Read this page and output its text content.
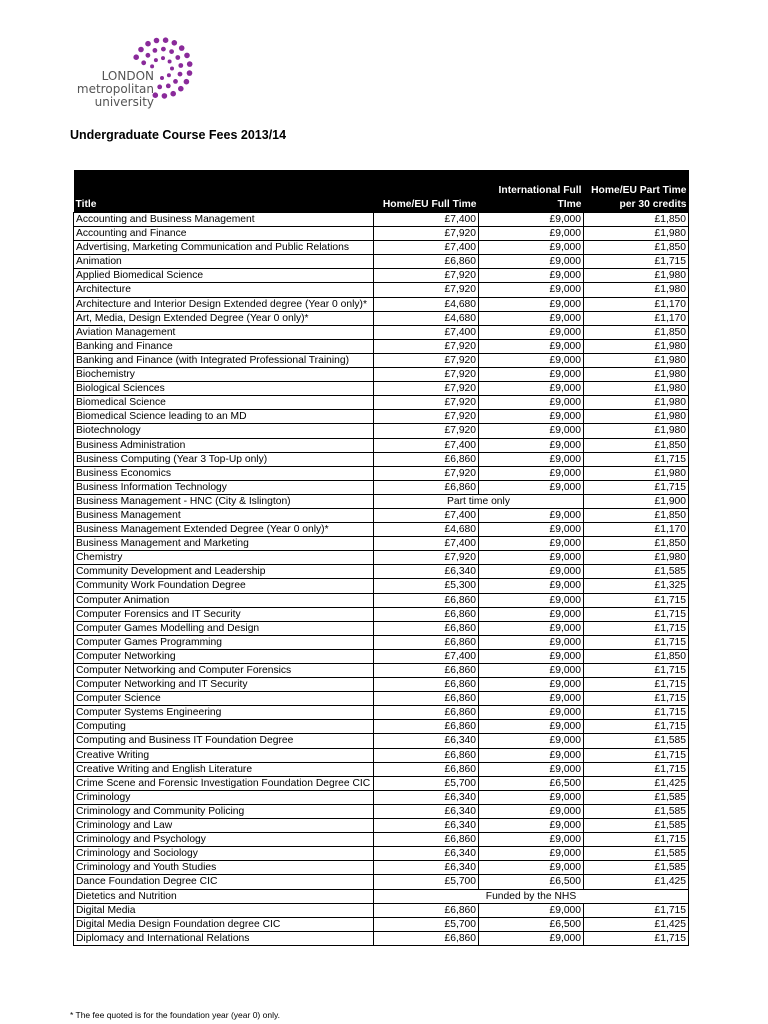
LONDON
metropolitan
university
Undergraduate Course Fees 2013/14
Title	Home/EU Full Time	International Full TIme	Home/EU Part Time per 30 credits
Accounting and Business Management	£7,400	£9,000	£1,850
Accounting and Finance	£7,920	£9,000	£1,980
Advertising, Marketing Communication and Public Relations	£7,400	£9,000	£1,850
Animation	£6,860	£9,000	£1,715
Applied Biomedical Science	£7,920	£9,000	£1,980
Architecture	£7,920	£9,000	£1,980
Architecture and Interior Design Extended degree (Year 0 only)*	£4,680	£9,000	£1,170
Art, Media, Design Extended Degree (Year 0 only)*	£4,680	£9,000	£1,170
Aviation Management	£7,400	£9,000	£1,850
Banking and Finance	£7,920	£9,000	£1,980
Banking and Finance (with Integrated Professional Training)	£7,920	£9,000	£1,980
Biochemistry	£7,920	£9,000	£1,980
Biological Sciences	£7,920	£9,000	£1,980
Biomedical Science	£7,920	£9,000	£1,980
Biomedical Science leading to an MD	£7,920	£9,000	£1,980
Biotechnology	£7,920	£9,000	£1,980
Business Administration	£7,400	£9,000	£1,850
Business Computing (Year 3 Top-Up only)	£6,860	£9,000	£1,715
Business Economics	£7,920	£9,000	£1,980
Business Information Technology	£6,860	£9,000	£1,715
Business Management - HNC (City & Islington)	Part time only		£1,900
Business Management	£7,400	£9,000	£1,850
Business Management Extended Degree (Year 0 only)*	£4,680	£9,000	£1,170
Business Management and Marketing	£7,400	£9,000	£1,850
Chemistry	£7,920	£9,000	£1,980
Community Development and Leadership	£6,340	£9,000	£1,585
Community Work Foundation Degree	£5,300	£9,000	£1,325
Computer Animation	£6,860	£9,000	£1,715
Computer Forensics and IT Security	£6,860	£9,000	£1,715
Computer Games Modelling and Design	£6,860	£9,000	£1,715
Computer Games Programming	£6,860	£9,000	£1,715
Computer Networking	£7,400	£9,000	£1,850
Computer Networking and Computer Forensics	£6,860	£9,000	£1,715
Computer Networking and IT Security	£6,860	£9,000	£1,715
Computer Science	£6,860	£9,000	£1,715
Computer Systems Engineering	£6,860	£9,000	£1,715
Computing	£6,860	£9,000	£1,715
Computing and Business IT Foundation Degree	£6,340	£9,000	£1,585
Creative Writing	£6,860	£9,000	£1,715
Creative Writing and English Literature	£6,860	£9,000	£1,715
Crime Scene and Forensic Investigation Foundation Degree CIC	£5,700	£6,500	£1,425
Criminology	£6,340	£9,000	£1,585
Criminology and Community Policing	£6,340	£9,000	£1,585
Criminology and Law	£6,340	£9,000	£1,585
Criminology and Psychology	£6,860	£9,000	£1,715
Criminology and Sociology	£6,340	£9,000	£1,585
Criminology and Youth Studies	£6,340	£9,000	£1,585
Dance Foundation Degree CIC	£5,700	£6,500	£1,425
Dietetics and Nutrition	Funded by the NHS		
Digital Media	£6,860	£9,000	£1,715
Digital Media Design Foundation degree CIC	£5,700	£6,500	£1,425
Diplomacy and International Relations	£6,860	£9,000	£1,715
* The fee quoted is for the foundation year (year 0) only.
